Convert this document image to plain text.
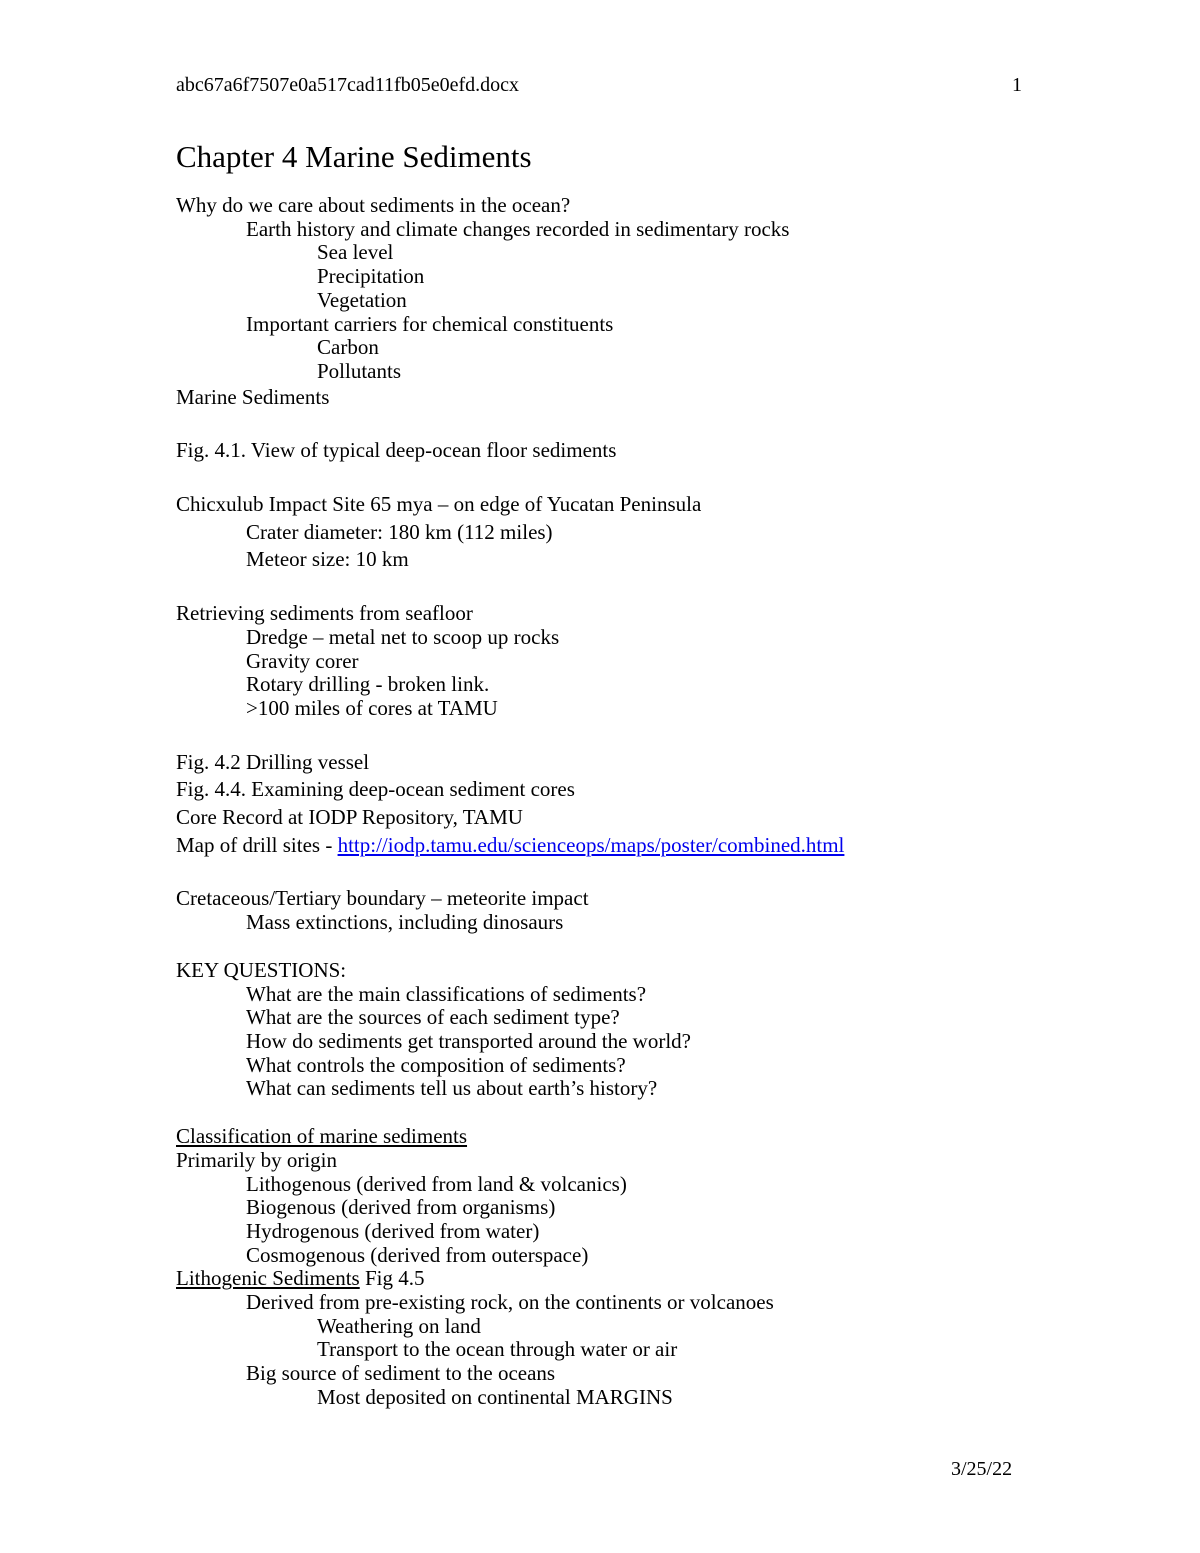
abc67a6f7507e0a517cad11fb05e0efd.docx	1
Chapter 4 Marine Sediments
Why do we care about sediments in the ocean?
Earth history and climate changes recorded in sedimentary rocks
Sea level
Precipitation
Vegetation
Important carriers for chemical constituents
Carbon
Pollutants
Marine Sediments
Fig. 4.1. View of typical deep-ocean floor sediments
Chicxulub Impact Site 65 mya – on edge of Yucatan Peninsula
Crater diameter: 180 km (112 miles)
Meteor size: 10 km
Retrieving sediments from seafloor
Dredge – metal net to scoop up rocks
Gravity corer
Rotary drilling - broken link.
>100 miles of cores at TAMU
Fig. 4.2 Drilling vessel
Fig. 4.4. Examining deep-ocean sediment cores
Core Record at IODP Repository, TAMU
Map of drill sites - http://iodp.tamu.edu/scienceops/maps/poster/combined.html
Cretaceous/Tertiary boundary – meteorite impact
Mass extinctions, including dinosaurs
KEY QUESTIONS:
What are the main classifications of sediments?
What are the sources of each sediment type?
How do sediments get transported around the world?
What controls the composition of sediments?
What can sediments tell us about earth’s history?
Classification of marine sediments
Primarily by origin
Lithogenous (derived from land & volcanics)
Biogenous (derived from organisms)
Hydrogenous (derived from water)
Cosmogenous (derived from outerspace)
Lithogenic Sediments Fig 4.5
Derived from pre-existing rock, on the continents or volcanoes
Weathering on land
Transport to the ocean through water or air
Big source of sediment to the oceans
Most deposited on continental MARGINS
3/25/22
